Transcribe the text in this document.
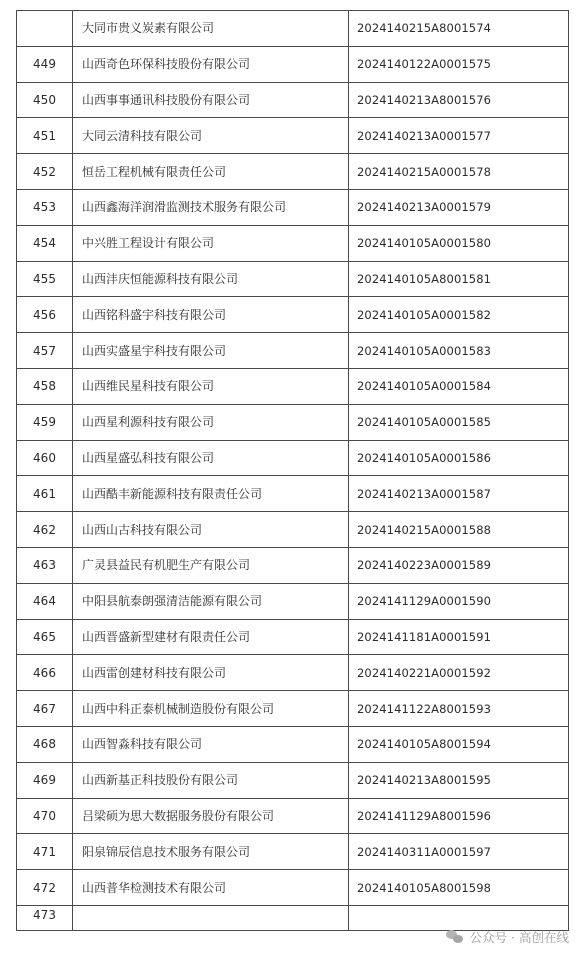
	大同市贵义炭素有限公司	2024140215A8001574
449	山西奇色环保科技股份有限公司	2024140122A0001575
450	山西事事通讯科技股份有限公司	2024140213A8001576
451	大同云清科技有限公司	2024140213A0001577
452	恒岳工程机械有限责任公司	2024140215A0001578
453	山西鑫海洋润滑监测技术服务有限公司	2024140213A0001579
454	中兴胜工程设计有限公司	2024140105A0001580
455	山西沣庆恒能源科技有限公司	2024140105A8001581
456	山西铭科盛宇科技有限公司	2024140105A0001582
457	山西实盛星宇科技有限公司	2024140105A0001583
458	山西维民星科技有限公司	2024140105A0001584
459	山西星利源科技有限公司	2024140105A0001585
460	山西星盛弘科技有限公司	2024140105A0001586
461	山西酷丰新能源科技有限责任公司	2024140213A0001587
462	山西山古科技有限公司	2024140215A0001588
463	广灵县益民有机肥生产有限公司	2024140223A0001589
464	中阳县航泰朗强清洁能源有限公司	2024141129A0001590
465	山西晋盛新型建材有限责任公司	2024141181A0001591
466	山西雷创建材科技有限公司	2024140221A0001592
467	山西中科正泰机械制造股份有限公司	2024141122A8001593
468	山西智淼科技有限公司	2024140105A8001594
469	山西新基正科技股份有限公司	2024140213A8001595
470	吕梁硕为思大数据服务股份有限公司	2024141129A8001596
471	阳泉锦辰信息技术服务有限公司	2024140311A0001597
472	山西普华检测技术有限公司	2024140105A8001598
473		
公众号 · 高创在线
